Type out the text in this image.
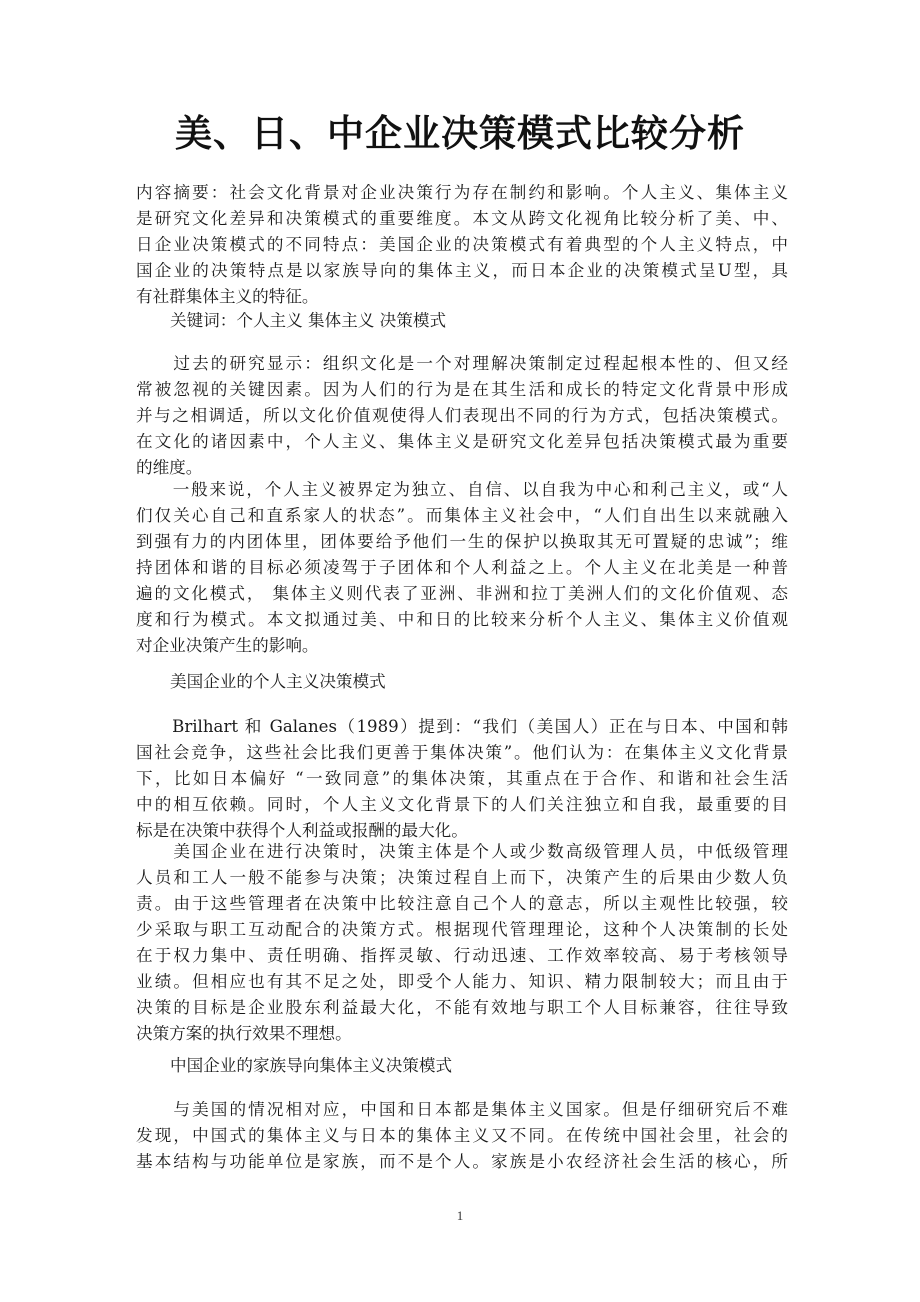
美、日、中企业决策模式比较分析
内容摘要：社会文化背景对企业决策行为存在制约和影响。个人主义、集体主义
是研究文化差异和决策模式的重要维度。本文从跨文化视角比较分析了美、中、
日企业决策模式的不同特点：美国企业的决策模式有着典型的个人主义特点，中
国企业的决策特点是以家族导向的集体主义，而日本企业的决策模式呈U型，具
有社群集体主义的特征。
关键词：个人主义 集体主义 决策模式
　　过去的研究显示：组织文化是一个对理解决策制定过程起根本性的、但又经
常被忽视的关键因素。因为人们的行为是在其生活和成长的特定文化背景中形成
并与之相调适，所以文化价值观使得人们表现出不同的行为方式，包括决策模式。
在文化的诸因素中，个人主义、集体主义是研究文化差异包括决策模式最为重要
的维度。
　　一般来说，个人主义被界定为独立、自信、以自我为中心和利己主义，或“人
们仅关心自己和直系家人的状态”。而集体主义社会中，“人们自出生以来就融入
到强有力的内团体里，团体要给予他们一生的保护以换取其无可置疑的忠诚”；维
持团体和谐的目标必须凌驾于子团体和个人利益之上。个人主义在北美是一种普
遍的文化模式， 集体主义则代表了亚洲、非洲和拉丁美洲人们的文化价值观、态
度和行为模式。本文拟通过美、中和日的比较来分析个人主义、集体主义价值观
对企业决策产生的影响。
美国企业的个人主义决策模式
　　Brilhart 和 Galanes（1989）提到：“我们（美国人）正在与日本、中国和韩
国社会竞争，这些社会比我们更善于集体决策”。他们认为：在集体主义文化背景
下，比如日本偏好 “一致同意”的集体决策，其重点在于合作、和谐和社会生活
中的相互依赖。同时，个人主义文化背景下的人们关注独立和自我，最重要的目
标是在决策中获得个人利益或报酬的最大化。
　　美国企业在进行决策时，决策主体是个人或少数高级管理人员，中低级管理
人员和工人一般不能参与决策；决策过程自上而下，决策产生的后果由少数人负
责。由于这些管理者在决策中比较注意自己个人的意志，所以主观性比较强，较
少采取与职工互动配合的决策方式。根据现代管理理论，这种个人决策制的长处
在于权力集中、责任明确、指挥灵敏、行动迅速、工作效率较高、易于考核领导
业绩。但相应也有其不足之处，即受个人能力、知识、精力限制较大；而且由于
决策的目标是企业股东利益最大化，不能有效地与职工个人目标兼容，往往导致
决策方案的执行效果不理想。
中国企业的家族导向集体主义决策模式
　　与美国的情况相对应，中国和日本都是集体主义国家。但是仔细研究后不难
发现，中国式的集体主义与日本的集体主义又不同。在传统中国社会里，社会的
基本结构与功能单位是家族，而不是个人。家族是小农经济社会生活的核心，所
1
